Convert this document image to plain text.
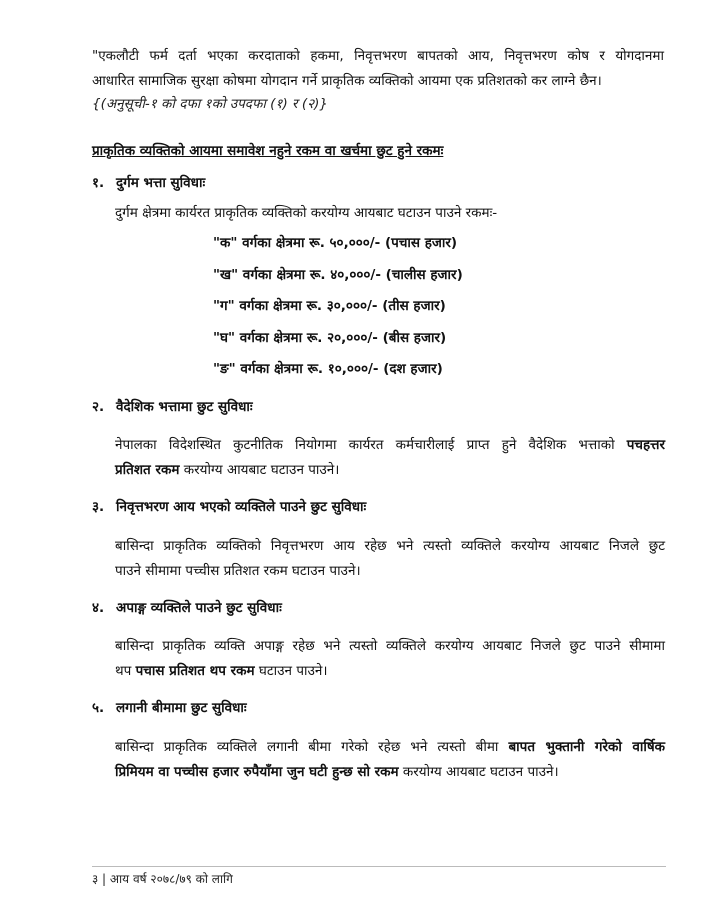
"एकलौटी फर्म दर्ता भएका करदाताको हकमा, निवृत्तभरण बापतको आय, निवृत्तभरण कोष र योगदानमा
आधारित सामाजिक सुरक्षा कोषमा योगदान गर्ने प्राकृतिक व्यक्तिको आयमा एक प्रतिशतको कर लाग्ने छैन।

{(अनुसूची-१ को दफा १को उपदफा (१) र (२)}

प्राकृतिक व्यक्तिको आयमा समावेश नहुने रकम वा खर्चमा छुट हुने रकमः

१. दुर्गम भत्ता सुविधाः

दुर्गम क्षेत्रमा कार्यरत प्राकृतिक व्यक्तिको करयोग्य आयबाट घटाउन पाउने रकमः-

"क" वर्गका क्षेत्रमा रू. ५०,०००/- (पचास हजार)
"ख" वर्गका क्षेत्रमा रू. ४०,०००/- (चालीस हजार)
"ग" वर्गका क्षेत्रमा रू. ३०,०००/- (तीस हजार)
"घ" वर्गका क्षेत्रमा रू. २०,०००/- (बीस हजार)
"ङ" वर्गका क्षेत्रमा रू. १०,०००/- (दश हजार)

२. वैदेशिक भत्तामा छुट सुविधाः

नेपालका विदेशस्थित कुटनीतिक नियोगमा कार्यरत कर्मचारीलाई प्राप्त हुने वैदेशिक भत्ताको पचहत्तर
प्रतिशत रकम करयोग्य आयबाट घटाउन पाउने।

३. निवृत्तभरण आय भएको व्यक्तिले पाउने छुट सुविधाः

बासिन्दा प्राकृतिक व्यक्तिको निवृत्तभरण आय रहेछ भने त्यस्तो व्यक्तिले करयोग्य आयबाट निजले छुट
पाउने सीमामा पच्चीस प्रतिशत रकम घटाउन पाउने।

४. अपाङ्ग व्यक्तिले पाउने छुट सुविधाः

बासिन्दा प्राकृतिक व्यक्ति अपाङ्ग रहेछ भने त्यस्तो व्यक्तिले करयोग्य आयबाट निजले छुट पाउने सीमामा
थप पचास प्रतिशत थप रकम घटाउन पाउने।

५. लगानी बीमामा छुट सुविधाः

बासिन्दा प्राकृतिक व्यक्तिले लगानी बीमा गरेको रहेछ भने त्यस्तो बीमा बापत भुक्तानी गरेको वार्षिक
प्रिमियम वा पच्चीस हजार रुपैयाँमा जुन घटी हुन्छ सो रकम करयोग्य आयबाट घटाउन पाउने।

३ | आय वर्ष २०७८/७९ को लागि
